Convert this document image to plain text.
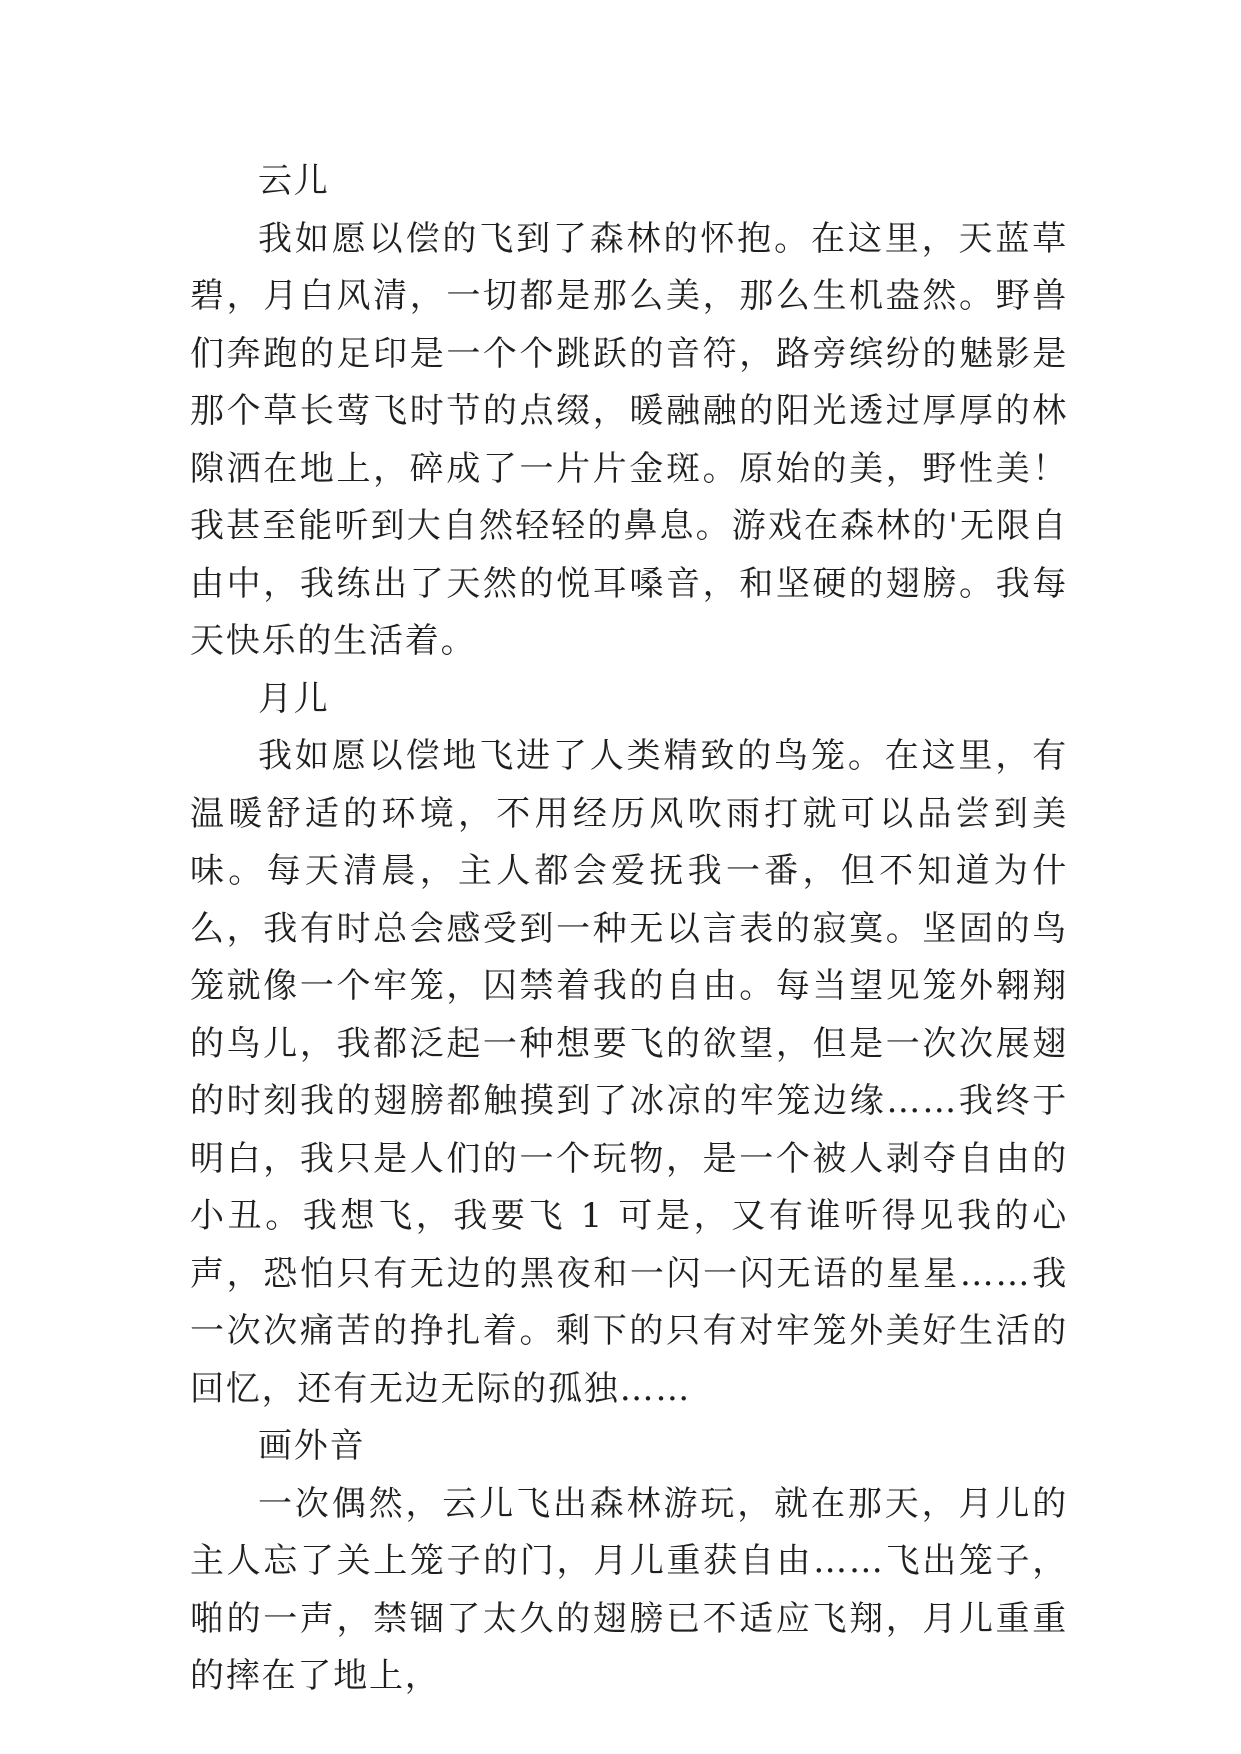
云儿

我如愿以偿的飞到了森林的怀抱。在这里，天蓝草碧，月白风清，一切都是那么美，那么生机盎然。野兽们奔跑的足印是一个个跳跃的音符，路旁缤纷的魅影是那个草长莺飞时节的点缀，暖融融的阳光透过厚厚的林隙洒在地上，碎成了一片片金斑。原始的美，野性美！我甚至能听到大自然轻轻的鼻息。游戏在森林的'无限自由中，我练出了天然的悦耳嗓音，和坚硬的翅膀。我每天快乐的生活着。

月儿

我如愿以偿地飞进了人类精致的鸟笼。在这里，有温暖舒适的环境，不用经历风吹雨打就可以品尝到美味。每天清晨，主人都会爱抚我一番，但不知道为什么，我有时总会感受到一种无以言表的寂寞。坚固的鸟笼就像一个牢笼，囚禁着我的自由。每当望见笼外翱翔的鸟儿，我都泛起一种想要飞的欲望，但是一次次展翅的时刻我的翅膀都触摸到了冰凉的牢笼边缘……我终于明白，我只是人们的一个玩物，是一个被人剥夺自由的小丑。我想飞，我要飞 1 可是，又有谁听得见我的心声，恐怕只有无边的黑夜和一闪一闪无语的星星……我一次次痛苦的挣扎着。剩下的只有对牢笼外美好生活的回忆，还有无边无际的孤独……

画外音

一次偶然，云儿飞出森林游玩，就在那天，月儿的主人忘了关上笼子的门，月儿重获自由……飞出笼子，啪的一声，禁锢了太久的翅膀已不适应飞翔，月儿重重的摔在了地上，
